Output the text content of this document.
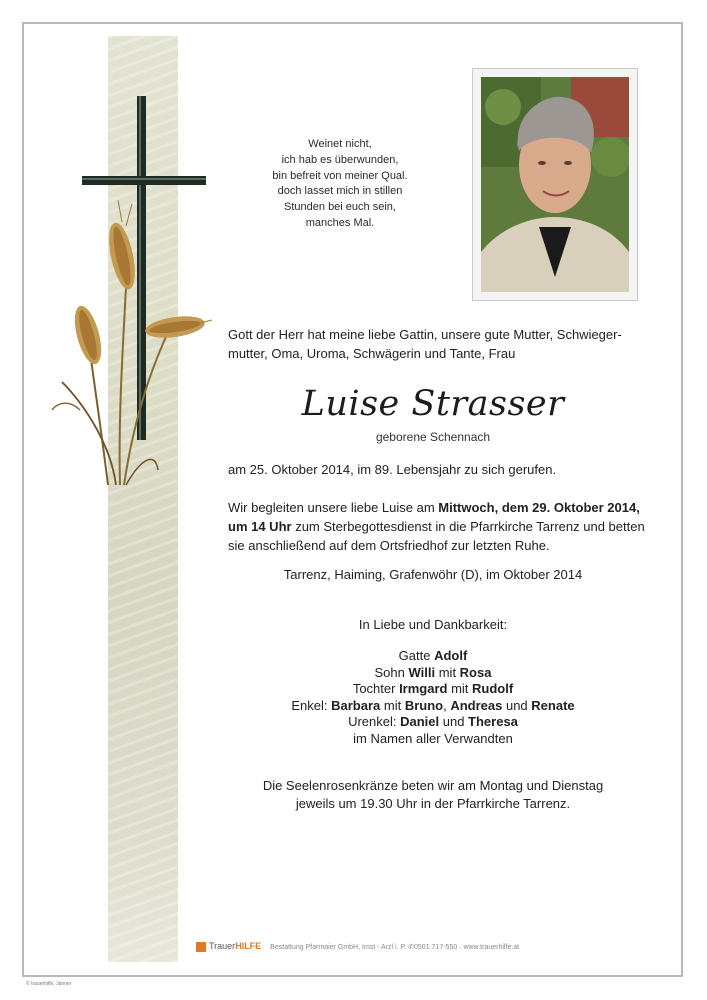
Weinet nicht,
ich hab es überwunden,
bin befreit von meiner Qual.
doch lasset mich in stillen
Stunden bei euch sein,
manches Mal.
Gott der Herr hat meine liebe Gattin, unsere gute Mutter, Schwieger-
mutter, Oma, Uroma, Schwägerin und Tante, Frau
Luise Strasser
geborene Schennach
am 25. Oktober 2014, im 89. Lebensjahr zu sich gerufen.
Wir begleiten unsere liebe Luise am Mittwoch, dem 29. Oktober 2014,
um 14 Uhr zum Sterbegottesdienst in die Pfarrkirche Tarrenz und betten
sie anschließend auf dem Ortsfriedhof zur letzten Ruhe.
Tarrenz, Haiming, Grafenwöhr (D), im Oktober 2014
In Liebe und Dankbarkeit:
Gatte Adolf
Sohn Willi mit Rosa
Tochter Irmgard mit Rudolf
Enkel: Barbara mit Bruno, Andreas und Renate
Urenkel: Daniel und Theresa
im Namen aller Verwandten
Die Seelenrosenkränze beten wir am Montag und Dienstag
jeweils um 19.30 Uhr in der Pfarrkirche Tarrenz.
TrauerHILFE	Bestattung Pfarmaier GmbH, Imst - Arzl i. P. ✆0501 717-550 · www.trauerhilfe.at
© trauerhilfe, Jänner
